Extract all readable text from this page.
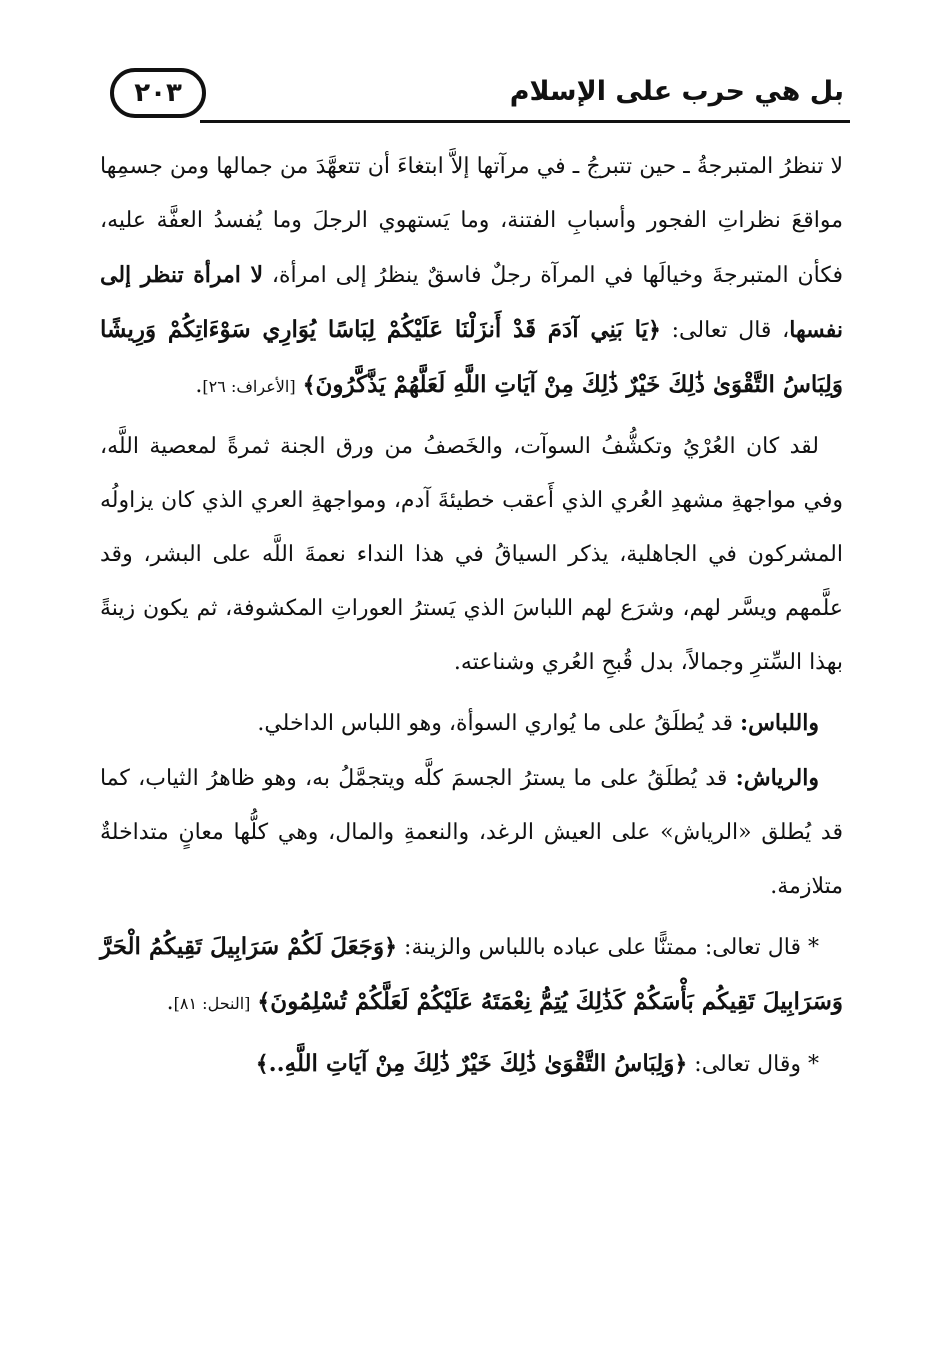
٢٠٣	بل هي حرب على الإسلام

لا تنظرُ المتبرجةُ ـ حين تتبرجُ ـ في مرآتها إلاَّ ابتغاءَ أن تتعهَّدَ من جمالها ومن جسمِها مواقعَ نظراتِ الفجور وأسبابِ الفتنة، وما يَستهوي الرجلَ وما يُفسدُ العفَّة عليه، فكأن المتبرجةَ وخيالَها في المرآة رجلٌ فاسقٌ ينظرُ إلى امرأة، لا امرأة تنظر إلى نفسها، قال تعالى: ﴿يَا بَنِي آدَمَ قَدْ أَنزَلْنَا عَلَيْكُمْ لِبَاسًا يُوَارِي سَوْءَاتِكُمْ وَرِيشًا وَلِبَاسُ التَّقْوَىٰ ذَٰلِكَ خَيْرٌ ذَٰلِكَ مِنْ آيَاتِ اللَّهِ لَعَلَّهُمْ يَذَّكَّرُونَ﴾ [الأعراف: ٢٦].

لقد كان العُرْيُ وتكشُّفُ السوآت، والخَصفُ من ورق الجنة ثمرةً لمعصية اللَّه، وفي مواجهةِ مشهدِ العُري الذي أَعقب خطيئةَ آدم، ومواجهةِ العري الذي كان يزاولُه المشركون في الجاهلية، يذكر السياقُ في هذا النداء نعمةَ اللَّه على البشر، وقد علَّمهم ويسَّر لهم، وشرَع لهم اللباسَ الذي يَسترُ العوراتِ المكشوفة، ثم يكون زينةً بهذا السِّترِ وجمالاً، بدل قُبحِ العُري وشناعته.

واللباس: قد يُطلَقُ على ما يُواري السوأة، وهو اللباس الداخلي.

والرياش: قد يُطلَقُ على ما يسترُ الجسمَ كلَّه ويتجمَّلُ به، وهو ظاهرُ الثياب، كما قد يُطلق «الرياش» على العيش الرغد، والنعمةِ والمال، وهي كلُّها معانٍ متداخلةٌ متلازمة.

* قال تعالى: ممتنًّا على عباده باللباس والزينة: ﴿وَجَعَلَ لَكُمْ سَرَابِيلَ تَقِيكُمُ الْحَرَّ وَسَرَابِيلَ تَقِيكُم بَأْسَكُمْ كَذَٰلِكَ يُتِمُّ نِعْمَتَهُ عَلَيْكُمْ لَعَلَّكُمْ تُسْلِمُونَ﴾ [النحل: ٨١].

* وقال تعالى: ﴿وَلِبَاسُ التَّقْوَىٰ ذَٰلِكَ خَيْرٌ ذَٰلِكَ مِنْ آيَاتِ اللَّهِ..﴾
